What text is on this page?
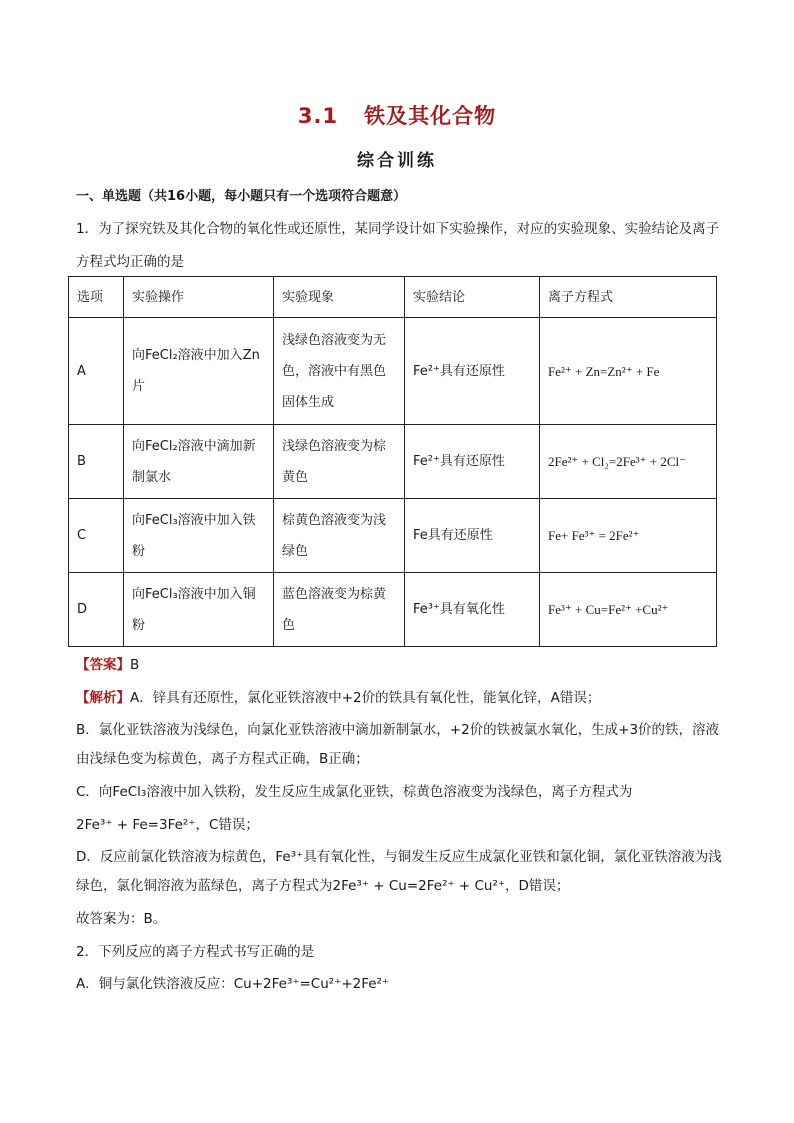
3.1 铁及其化合物
综合训练
一、单选题（共16小题，每小题只有一个选项符合题意）
1．为了探究铁及其化合物的氧化性或还原性，某同学设计如下实验操作，对应的实验现象、实验结论及离子方程式均正确的是
选项	实验操作	实验现象	实验结论	离子方程式
A	向FeCl₂溶液中加入Zn片	浅绿色溶液变为无色，溶液中有黑色固体生成	Fe²⁺具有还原性	Fe²⁺ + Zn=Zn²⁺ + Fe
B	向FeCl₂溶液中滴加新制氯水	浅绿色溶液变为棕黄色	Fe²⁺具有还原性	2Fe²⁺ + Cl₂=2Fe³⁺ + 2Cl⁻
C	向FeCl₃溶液中加入铁粉	棕黄色溶液变为浅绿色	Fe具有还原性	Fe+ Fe³⁺ = 2Fe²⁺
D	向FeCl₃溶液中加入铜粉	蓝色溶液变为棕黄色	Fe³⁺具有氧化性	Fe³⁺ + Cu=Fe²⁺ +Cu²⁺
【答案】B
【解析】A．锌具有还原性，氯化亚铁溶液中+2价的铁具有氧化性，能氧化锌，A错误；
B．氯化亚铁溶液为浅绿色，向氯化亚铁溶液中滴加新制氯水，+2价的铁被氯水氧化，生成+3价的铁，溶液由浅绿色变为棕黄色，离子方程式正确，B正确；
C．向FeCl₃溶液中加入铁粉，发生反应生成氯化亚铁，棕黄色溶液变为浅绿色，离子方程式为
2Fe³⁺ + Fe=3Fe²⁺，C错误；
D．反应前氯化铁溶液为棕黄色，Fe³⁺具有氧化性，与铜发生反应生成氯化亚铁和氯化铜，氯化亚铁溶液为浅绿色，氯化铜溶液为蓝绿色，离子方程式为2Fe³⁺ + Cu=2Fe²⁺ + Cu²⁺，D错误；
故答案为：B。
2．下列反应的离子方程式书写正确的是
A．铜与氯化铁溶液反应：Cu+2Fe³⁺=Cu²⁺+2Fe²⁺
